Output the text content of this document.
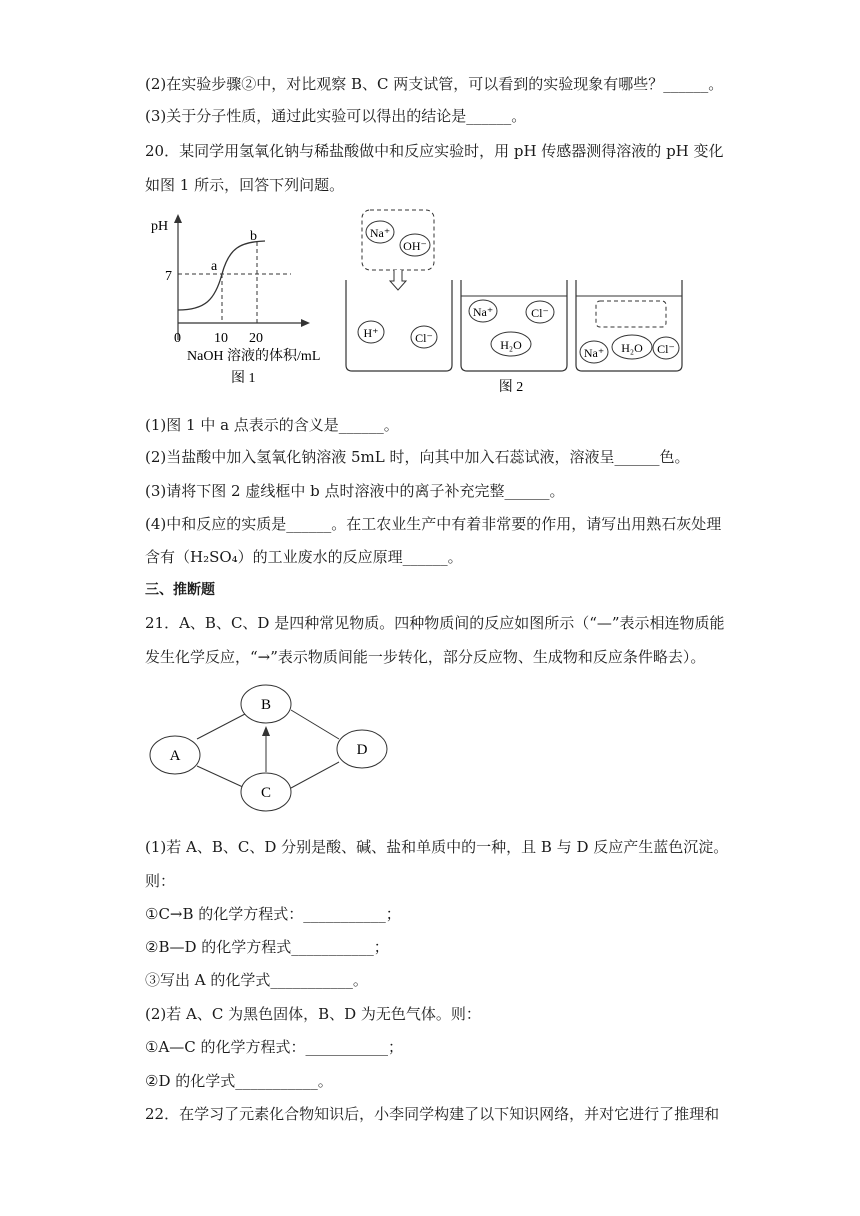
(2)在实验步骤②中，对比观察 B、C 两支试管，可以看到的实验现象有哪些？______。
(3)关于分子性质，通过此实验可以得出的结论是______。
20．某同学用氢氧化钠与稀盐酸做中和反应实验时，用 pH 传感器测得溶液的 pH 变化
如图 1 所示，回答下列问题。
pH
7
0 10 20
a
b
NaOH 溶液的体积/mL
图 1
Na⁺
OH⁻
H⁺	Cl⁻
Na⁺	Cl⁻
H₂O
Na⁺ H₂O Cl⁻
图 2
(1)图 1 中 a 点表示的含义是______。
(2)当盐酸中加入氢氧化钠溶液 5mL 时，向其中加入石蕊试液，溶液呈______色。
(3)请将下图 2 虚线框中 b 点时溶液中的离子补充完整______。
(4)中和反应的实质是______。在工农业生产中有着非常要的作用，请写出用熟石灰处理
含有（H₂SO₄）的工业废水的反应原理______。
三、推断题
21．A、B、C、D 是四种常见物质。四种物质间的反应如图所示（“—”表示相连物质能
发生化学反应，“→”表示物质间能一步转化，部分反应物、生成物和反应条件略去）。
A
B
C
D
(1)若 A、B、C、D 分别是酸、碱、盐和单质中的一种，且 B 与 D 反应产生蓝色沉淀。
则：
①C→B 的化学方程式：___________；
②B—D 的化学方程式___________；
③写出 A 的化学式___________。
(2)若 A、C 为黑色固体，B、D 为无色气体。则：
①A—C 的化学方程式：___________；
②D 的化学式___________。
22．在学习了元素化合物知识后，小李同学构建了以下知识网络，并对它进行了推理和
